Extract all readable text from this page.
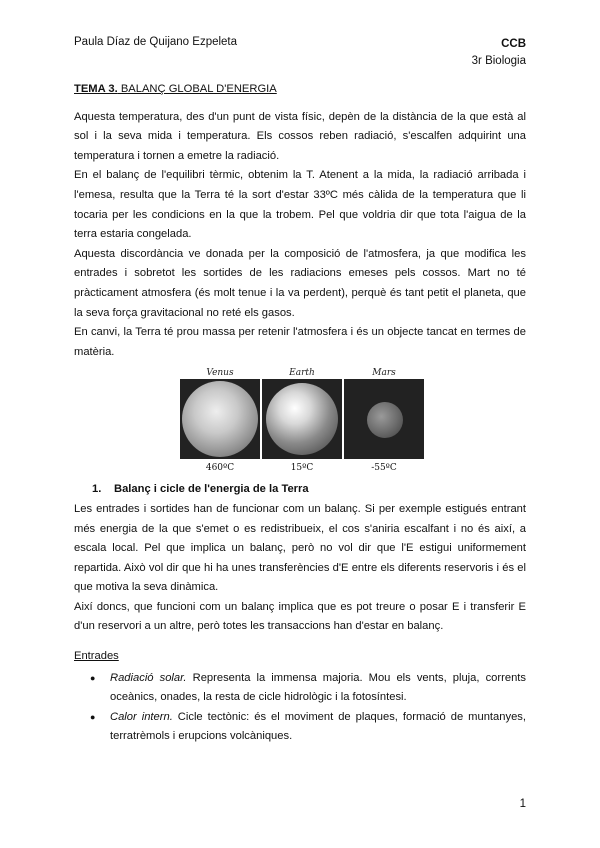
Paula Díaz de Quijano Ezpeleta	CCB
3r Biologia
TEMA 3. BALANÇ GLOBAL D'ENERGIA

Aquesta temperatura, des d'un punt de vista físic, depèn de la distància de la que està al sol i la seva mida i temperatura. Els cossos reben radiació, s'escalfen adquirint una temperatura i tornen a emetre la radiació.

En el balanç de l'equilibri tèrmic, obtenim la T. Atenent a la mida, la radiació arribada i l'emesa, resulta que la Terra té la sort d'estar 33ºC més càlida de la temperatura que li tocaria per les condicions en la que la trobem. Pel que voldria dir que tota l'aigua de la terra estaria congelada.

Aquesta discordància ve donada per la composició de l'atmosfera, ja que modifica les entrades i sobretot les sortides de les radiacions emeses pels cossos. Mart no té pràcticament atmosfera (és molt tenue i la va perdent), perquè és tant petit el planeta, que la seva força gravitacional no reté els gasos.

En canvi, la Terra té prou massa per retenir l'atmosfera i és un objecte tancat en termes de matèria.

Venus	Earth	Mars
460ºC	15ºC	-55ºC
1. Balanç i cicle de l'energia de la Terra

Les entrades i sortides han de funcionar com un balanç. Si per exemple estigués entrant més energia de la que s'emet o es redistribueix, el cos s'aniria escalfant i no és així, a escala local. Pel que implica un balanç, però no vol dir que l'E estigui uniformement repartida. Això vol dir que hi ha unes transferències d'E entre els diferents reservoris i és el que motiva la seva dinàmica.

Així doncs, que funcioni com un balanç implica que es pot treure o posar E i transferir E d'un reservori a un altre, però totes les transaccions han d'estar en balanç.

Entrades
● Radiació solar. Representa la immensa majoria. Mou els vents, pluja, corrents oceànics, onades, la resta de cicle hidrològic i la fotosíntesi.
● Calor intern. Cicle tectònic: és el moviment de plaques, formació de muntanyes, terratrèmols i erupcions volcàniques.
1
